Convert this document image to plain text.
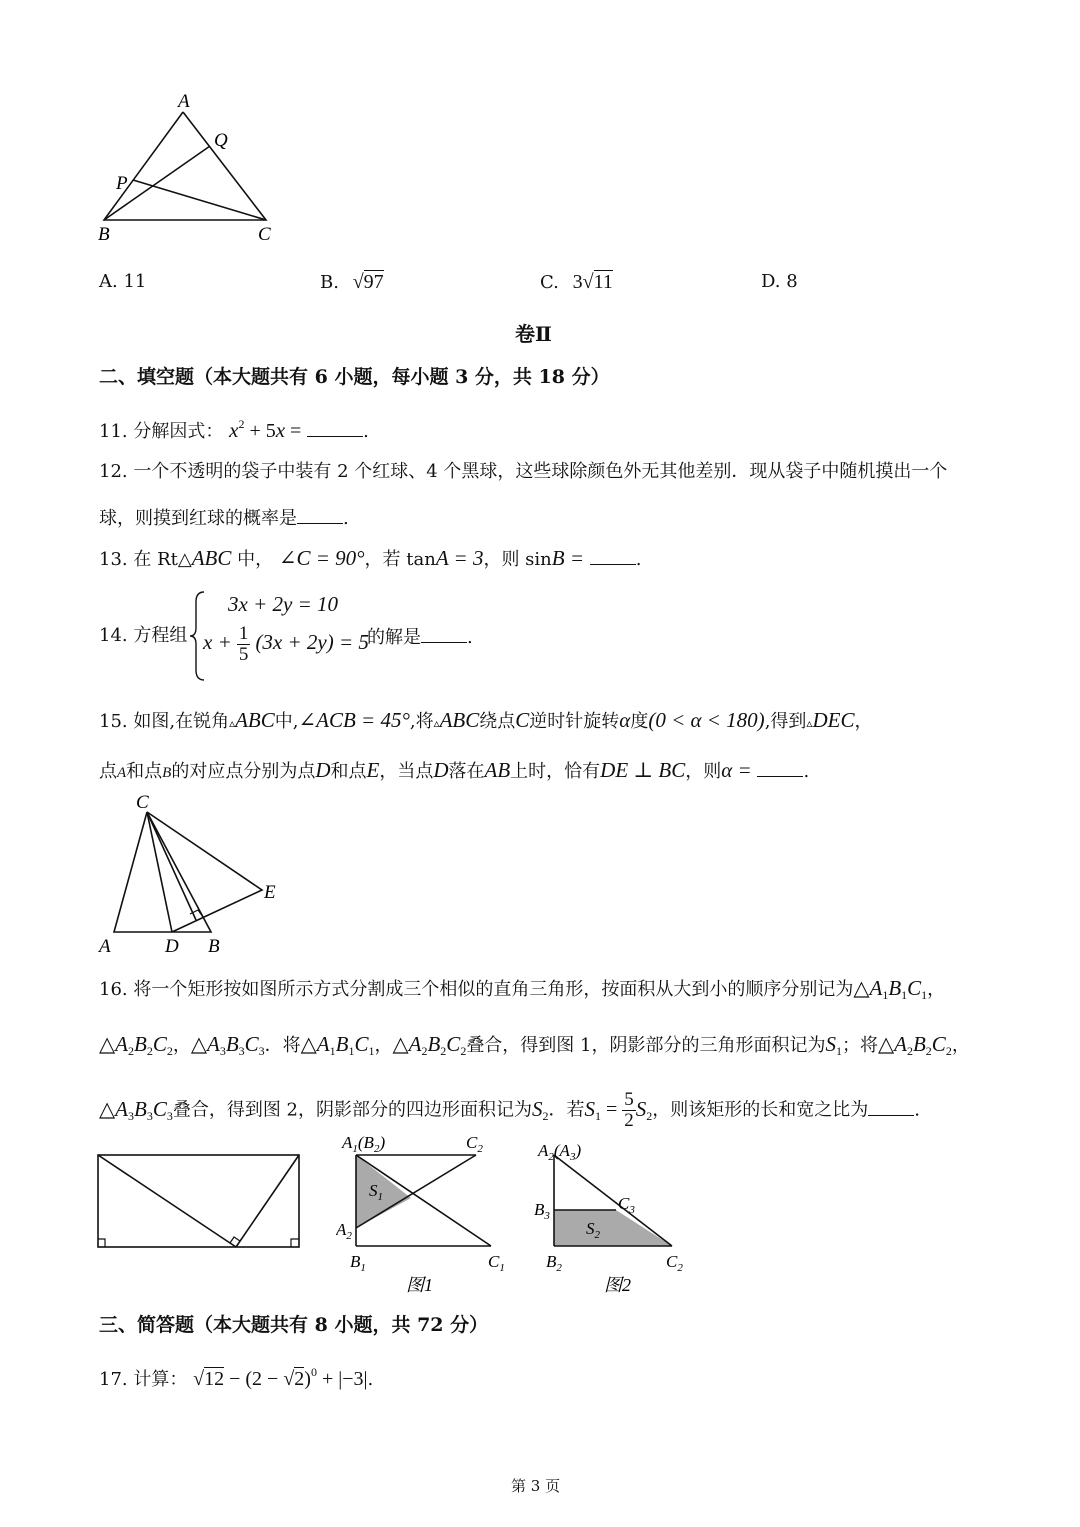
A
Q
P
B	C
A. 11	B. √97	C. 3√11	D. 8
卷Ⅱ
二、填空题（本大题共有 6 小题，每小题 3 分，共 18 分）
11. 分解因式： $x^2 + 5x$ =	.
12. 一个不透明的袋子中装有 2 个红球、4 个黑球，这些球除颜色外无其他差别．现从袋子中随机摸出一个
球，则摸到红球的概率是	.
13. 在 Rt△ABC 中， ∠C = 90°，若 tanA = 3，则 sinB =	.
14. 方程组
3x + 2y = 10
$x + \frac{1}{5} (3x + 2y) = 5$
的解是	.
15. 如图,在锐角▵ABC中,∠ACB = 45°,将▵ABC绕点C逆时针旋转α度(0 < α < 180),得到▵DEC，
点A和点B的对应点分别为点D和点E，当点D落在AB上时，恰有DE ⊥ BC，则α =	.
C
E
A	D B
16. 将一个矩形按如图所示方式分割成三个相似的直角三角形，按面积从大到小的顺序分别记为$\triangle A_1B_1C_1$，
$\triangle A_2B_2C_2$，$\triangle A_3B_3C_3$．将$\triangle A_1B_1C_1$，$\triangle A_2B_2C_2$叠合，得到图 1，阴影部分的三角形面积记为$S_1$；将$\triangle A_2B_2C_2$，
$\triangle A_3B_3C_3$叠合，得到图 2，阴影部分的四边形面积记为$S_2$．若$S_1 = \frac{5}{2} S_2$，则该矩形的长和宽之比为	.
$A_1(B_2)$	$C_2$
$S_1$
$A_2$
$B_1$	$C_1$
图1
$A_2(A_3)$
$B_3$
$C_3$
$S_2$
$B_2$	$C_2$
图2
三、简答题（本大题共有 8 小题，共 72 分）
17. 计算： $√12 - (2 - √2)^0 + |-3|$.
第 3 页
